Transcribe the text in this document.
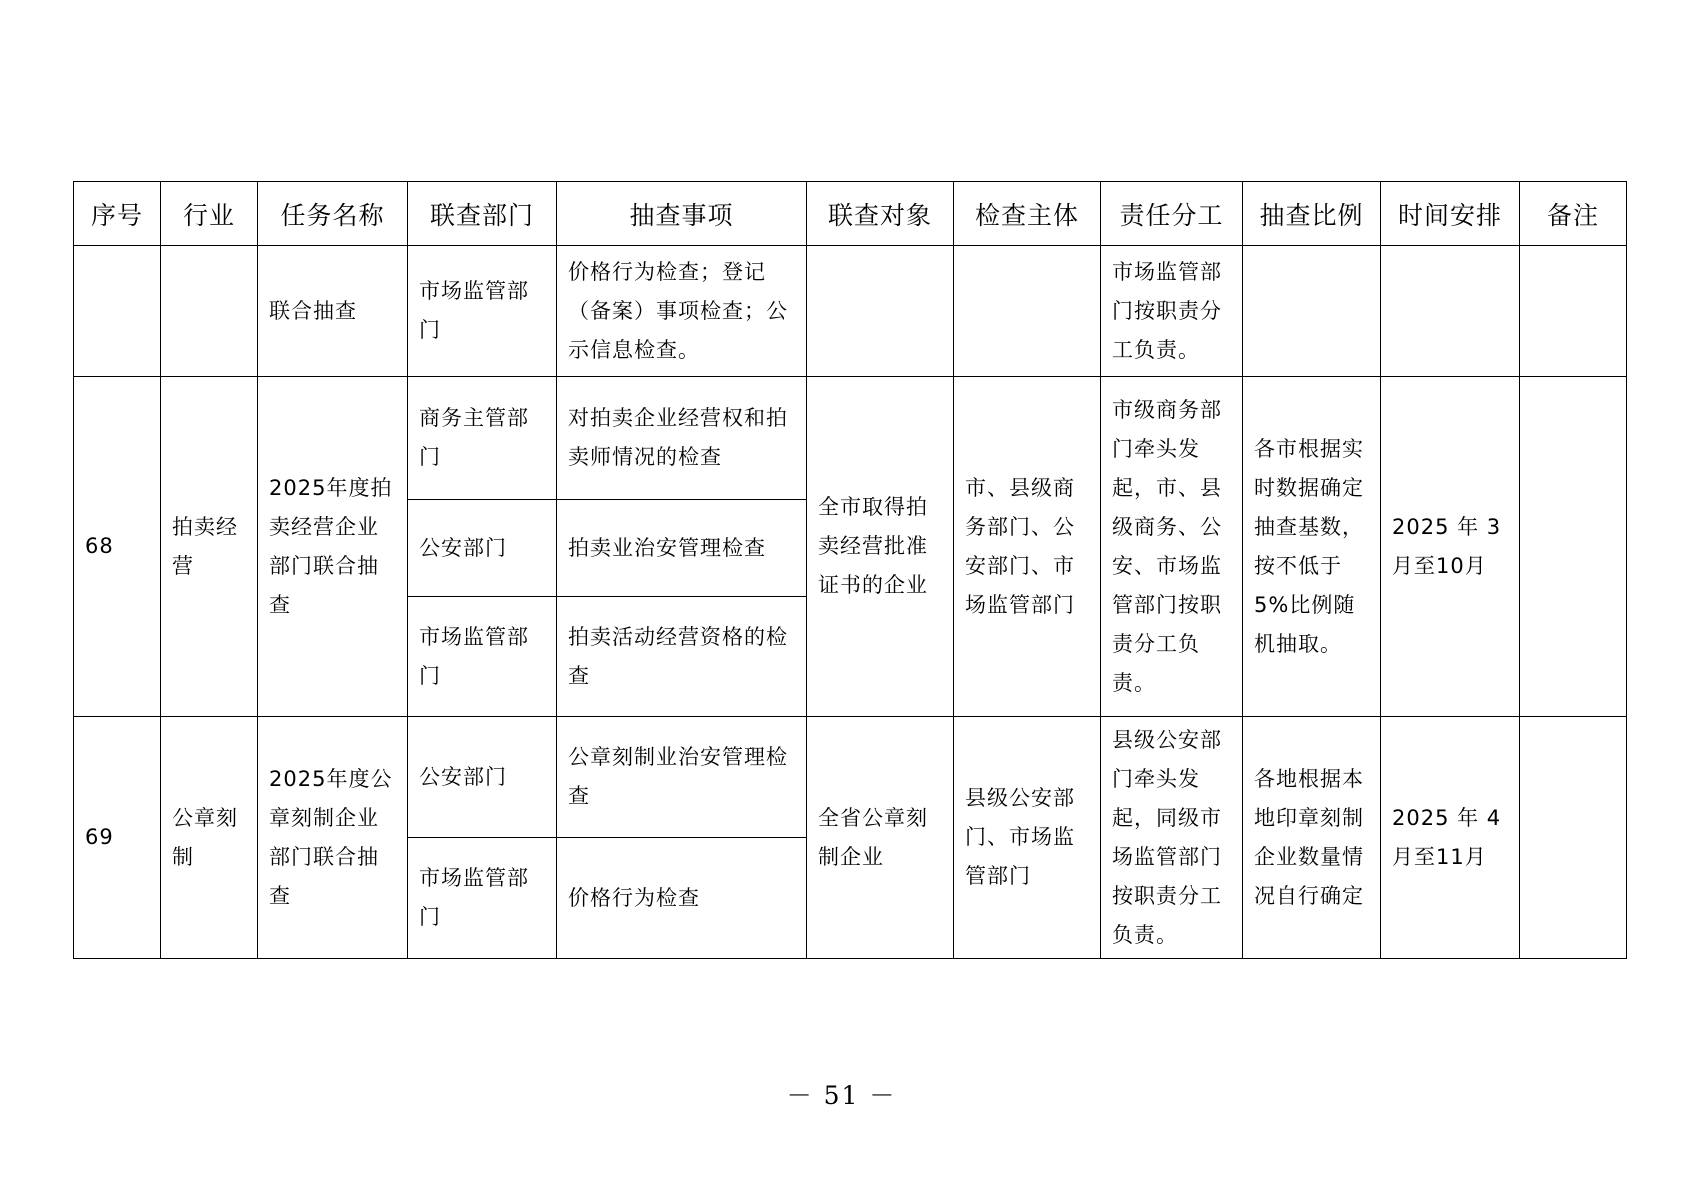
序号	行业	任务名称	联查部门	抽查事项	联查对象	检查主体	责任分工	抽查比例	时间安排	备注
		联合抽查	市场监管部门	价格行为检查；登记（备案）事项检查；公示信息检查。			市场监管部门按职责分工负责。			
68	拍卖经营	2025年度拍卖经营企业部门联合抽查	商务主管部门	对拍卖企业经营权和拍卖师情况的检查	全市取得拍卖经营批准证书的企业	市、县级商务部门、公安部门、市场监管部门	市级商务部门牵头发起，市、县级商务、公安、市场监管部门按职责分工负责。	各市根据实时数据确定抽查基数，按不低于5%比例随机抽取。	2025 年 3月至10月	
			公安部门	拍卖业治安管理检查						
			市场监管部门	拍卖活动经营资格的检查						
69	公章刻制	2025年度公章刻制企业部门联合抽查	公安部门	公章刻制业治安管理检查	全省公章刻制企业	县级公安部门、市场监管部门	县级公安部门牵头发起，同级市场监管部门按职责分工负责。	各地根据本地印章刻制企业数量情况自行确定	2025 年 4月至11月	
			市场监管部门	价格行为检查						
－ 51 －
